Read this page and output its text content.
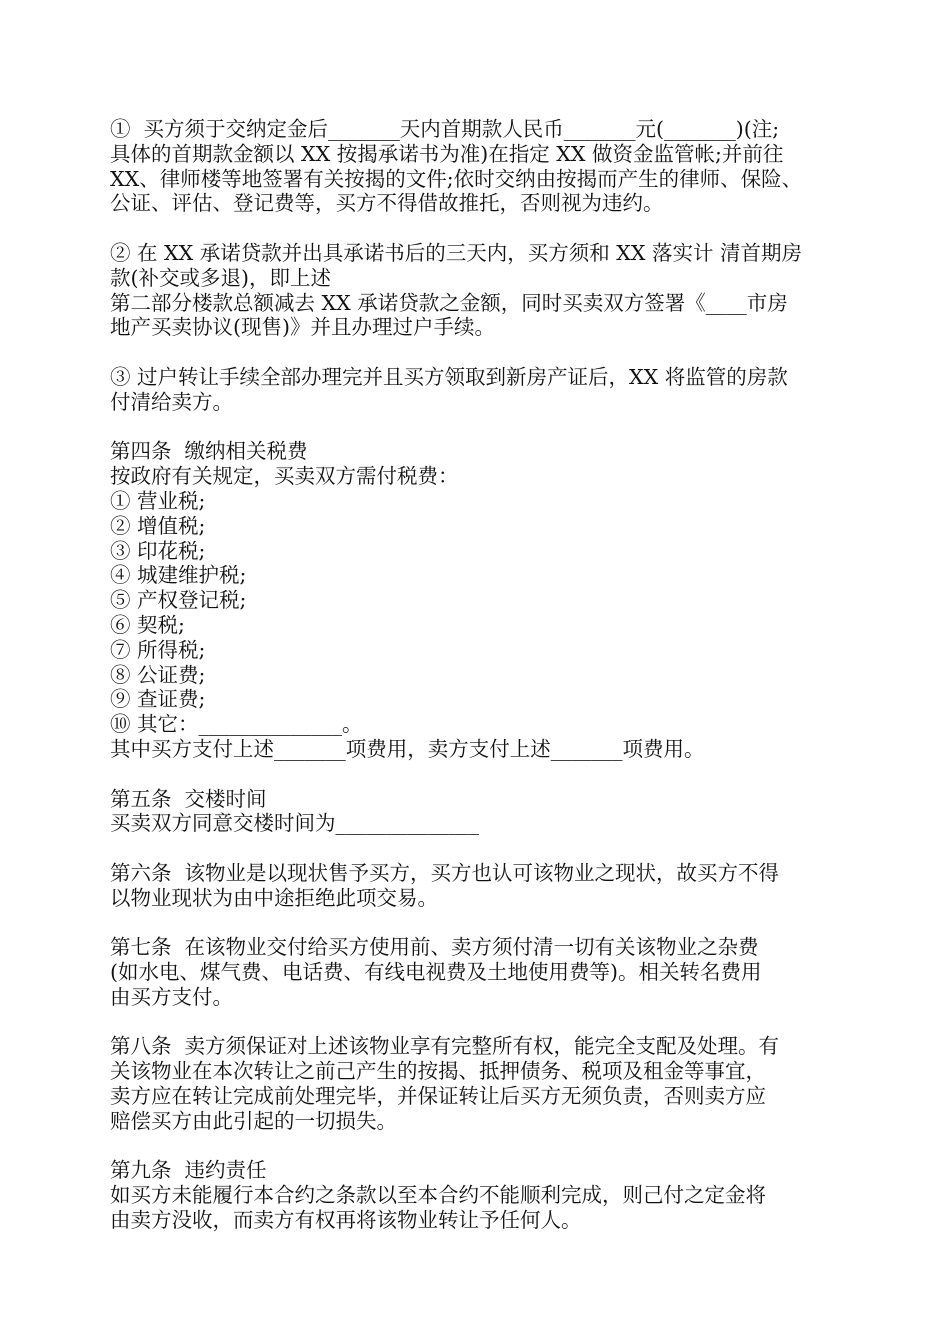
①  买方须于交纳定金后_______天内首期款人民币_______元(_______)(注;
具体的首期款金额以 XX 按揭承诺书为准)在指定 XX 做资金监管帐;并前往
XX、律师楼等地签署有关按揭的文件;依时交纳由按揭而产生的律师、保险、
公证、评估、登记费等，买方不得借故推托，否则视为违约。
② 在 XX 承诺贷款并出具承诺书后的三天内，买方须和 XX 落实计 清首期房
款(补交或多退)，即上述
第二部分楼款总额减去 XX 承诺贷款之金额，同时买卖双方签署《____市房
地产买卖协议(现售)》并且办理过户手续。
③ 过户转让手续全部办理完并且买方领取到新房产证后，XX 将监管的房款
付清给卖方。
第四条  缴纳相关税费
按政府有关规定，买卖双方需付税费：
① 营业税;
② 增值税;
③ 印花税;
④ 城建维护税;
⑤ 产权登记税;
⑥ 契税;
⑦ 所得税;
⑧ 公证费;
⑨ 查证费;
⑩ 其它：______________。
其中买方支付上述_______项费用，卖方支付上述_______项费用。
第五条  交楼时间
买卖双方同意交楼时间为______________
第六条  该物业是以现状售予买方，买方也认可该物业之现状，故买方不得
以物业现状为由中途拒绝此项交易。
第七条  在该物业交付给买方使用前、卖方须付清一切有关该物业之杂费
(如水电、煤气费、电话费、有线电视费及土地使用费等)。相关转名费用
由买方支付。
第八条  卖方须保证对上述该物业享有完整所有权，能完全支配及处理。有
关该物业在本次转让之前己产生的按揭、抵押债务、税项及租金等事宜，
卖方应在转让完成前处理完毕，并保证转让后买方无须负责，否则卖方应
赔偿买方由此引起的一切损失。
第九条  违约责任
如买方未能履行本合约之条款以至本合约不能顺利完成，则己付之定金将
由卖方没收，而卖方有权再将该物业转让予任何人。
